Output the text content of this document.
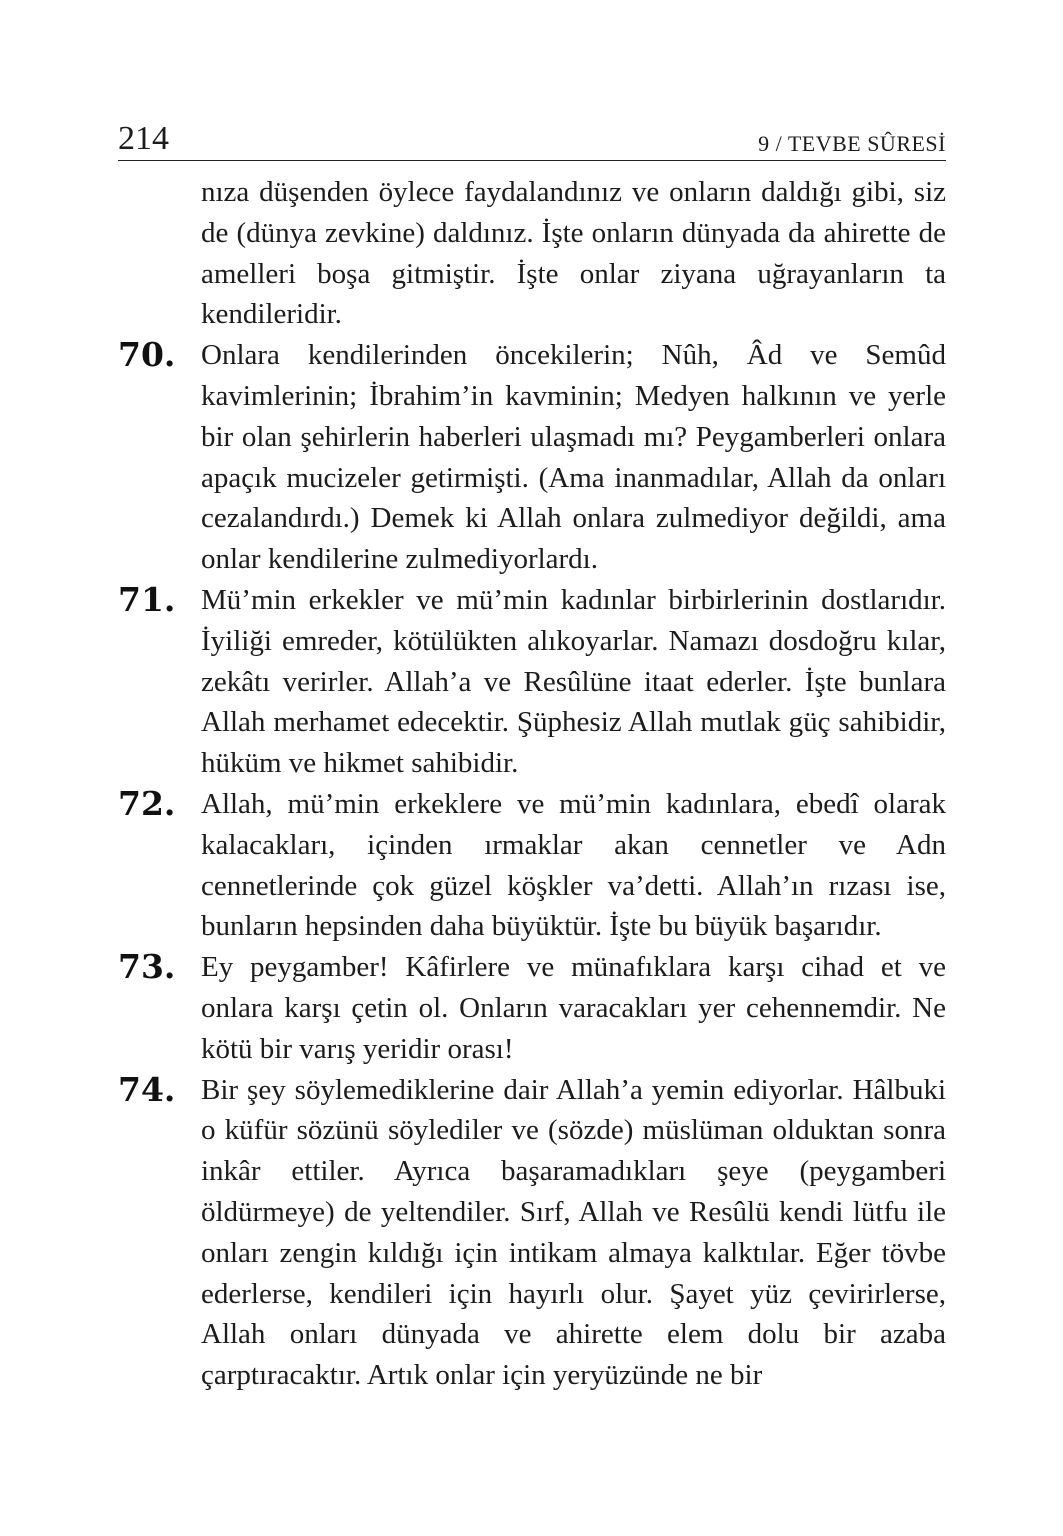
214	9 / TEVBE SÛRESİ
nıza düşenden öylece faydalandınız ve onların daldığı gibi, siz de (dünya zevkine) daldınız. İşte onların dünyada da ahirette de amelleri boşa gitmiştir. İşte onlar ziyana uğrayanların ta kendileridir.
70. Onlara kendilerinden öncekilerin; Nûh, Âd ve Semûd kavimlerinin; İbrahim’in kavminin; Medyen halkının ve yerle bir olan şehirlerin haberleri ulaşmadı mı? Peygamberleri onlara apaçık mucizeler getirmişti. (Ama inanmadılar, Allah da onları cezalandırdı.) Demek ki Allah onlara zulmediyor değildi, ama onlar kendilerine zulmediyorlardı.
71. Mü’min erkekler ve mü’min kadınlar birbirlerinin dostlarıdır. İyiliği emreder, kötülükten alıkoyarlar. Namazı dosdoğru kılar, zekâtı verirler. Allah’a ve Resûlüne itaat ederler. İşte bunlara Allah merhamet edecektir. Şüphesiz Allah mutlak güç sahibidir, hüküm ve hikmet sahibidir.
72. Allah, mü’min erkeklere ve mü’min kadınlara, ebedî olarak kalacakları, içinden ırmaklar akan cennetler ve Adn cennetlerinde çok güzel köşkler va’detti. Allah’ın rızası ise, bunların hepsinden daha büyüktür. İşte bu büyük başarıdır.
73. Ey peygamber! Kâfirlere ve münafıklara karşı cihad et ve onlara karşı çetin ol. Onların varacakları yer cehennemdir. Ne kötü bir varış yeridir orası!
74. Bir şey söylemediklerine dair Allah’a yemin ediyorlar. Hâlbuki o küfür sözünü söylediler ve (sözde) müslüman olduktan sonra inkâr ettiler. Ayrıca başaramadıkları şeye (peygamberi öldürmeye) de yeltendiler. Sırf, Allah ve Resûlü kendi lütfu ile onları zengin kıldığı için intikam almaya kalktılar. Eğer tövbe ederlerse, kendileri için hayırlı olur. Şayet yüz çevirirlerse, Allah onları dünyada ve ahirette elem dolu bir azaba çarptıracaktır. Artık onlar için yeryüzünde ne bir
